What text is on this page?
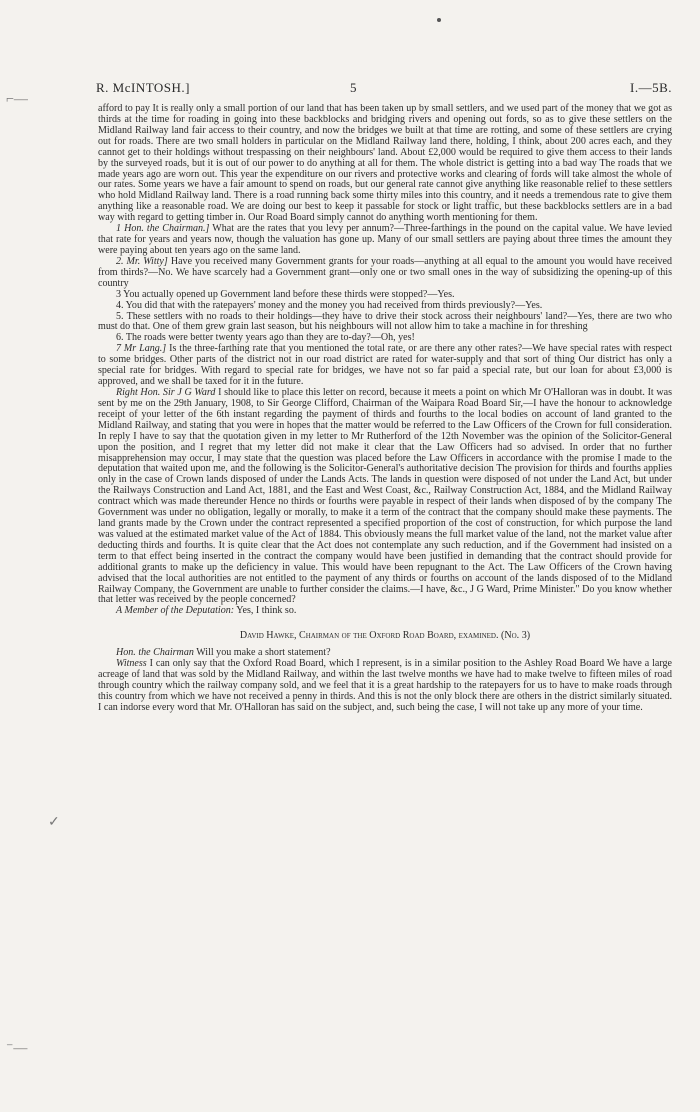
⌐—
✓
⁻—
R. McINTOSH.]	5	I.—5B.

afford to pay It is really only a small portion of our land that has been taken up by small settlers, and we used part of the money that we got as thirds at the time for roading in going into these backblocks and bridging rivers and opening out fords, so as to give these settlers on the Midland Railway land fair access to their country, and now the bridges we built at that time are rotting, and some of these settlers are crying out for roads. There are two small holders in particular on the Midland Railway land there, holding, I think, about 200 acres each, and they cannot get to their holdings without trespassing on their neighbours' land. About £2,000 would be required to give them access to their lands by the surveyed roads, but it is out of our power to do anything at all for them. The whole district is getting into a bad way The roads that we made years ago are worn out. This year the expenditure on our rivers and protective works and clearing of fords will take almost the whole of our rates. Some years we have a fair amount to spend on roads, but our general rate cannot give anything like reasonable relief to these settlers who hold Midland Railway land. There is a road running back some thirty miles into this country, and it needs a tremendous rate to give them anything like a reasonable road. We are doing our best to keep it passable for stock or light traffic, but these backblocks settlers are in a bad way with regard to getting timber in. Our Road Board simply cannot do anything worth mentioning for them.

1 Hon. the Chairman.] What are the rates that you levy per annum?—Three-farthings in the pound on the capital value. We have levied that rate for years and years now, though the valuation has gone up. Many of our small settlers are paying about three times the amount they were paying about ten years ago on the same land.

2. Mr. Witty] Have you received many Government grants for your roads—anything at all equal to the amount you would have received from thirds?—No. We have scarcely had a Government grant—only one or two small ones in the way of subsidizing the opening-up of this country

3 You actually opened up Government land before these thirds were stopped?—Yes.

4. You did that with the ratepayers' money and the money you had received from thirds previously?—Yes.

5. These settlers with no roads to their holdings—they have to drive their stock across their neighbours' land?—Yes, there are two who must do that. One of them grew grain last season, but his neighbours will not allow him to take a machine in for threshing

6. The roads were better twenty years ago than they are to-day?—Oh, yes!

7 Mr Lang.] Is the three-farthing rate that you mentioned the total rate, or are there any other rates?—We have special rates with respect to some bridges. Other parts of the district not in our road district are rated for water-supply and that sort of thing Our district has only a special rate for bridges. With regard to special rate for bridges, we have not so far paid a special rate, but our loan for about £3,000 is approved, and we shall be taxed for it in the future.

Right Hon. Sir J G Ward I should like to place this letter on record, because it meets a point on which Mr O'Halloran was in doubt. It was sent by me on the 29th January, 1908, to Sir George Clifford, Chairman of the Waipara Road Board Sir,—I have the honour to acknowledge receipt of your letter of the 6th instant regarding the payment of thirds and fourths to the local bodies on account of land granted to the Midland Railway, and stating that you were in hopes that the matter would be referred to the Law Officers of the Crown for full consideration. In reply I have to say that the quotation given in my letter to Mr Rutherford of the 12th November was the opinion of the Solicitor-General upon the position, and I regret that my letter did not make it clear that the Law Officers had so advised. In order that no further misapprehension may occur, I may state that the question was placed before the Law Officers in accordance with the promise I made to the deputation that waited upon me, and the following is the Solicitor-General's authoritative decision The provision for thirds and fourths applies only in the case of Crown lands disposed of under the Lands Acts. The lands in question were disposed of not under the Land Act, but under the Railways Construction and Land Act, 1881, and the East and West Coast, &c., Railway Construction Act, 1884, and the Midland Railway contract which was made thereunder Hence no thirds or fourths were payable in respect of their lands when disposed of by the company The Government was under no obligation, legally or morally, to make it a term of the contract that the company should make these payments. The land grants made by the Crown under the contract represented a specified proportion of the cost of construction, for which purpose the land was valued at the estimated market value of the Act of 1884. This obviously means the full market value of the land, not the market value after deducting thirds and fourths. It is quite clear that the Act does not contemplate any such reduction, and if the Government had insisted on a term to that effect being inserted in the contract the company would have been justified in demanding that the contract should provide for additional grants to make up the deficiency in value. This would have been repugnant to the Act. The Law Officers of the Crown having advised that the local authorities are not entitled to the payment of any thirds or fourths on account of the lands disposed of to the Midland Railway Company, the Government are unable to further consider the claims.—I have, &c., J G Ward, Prime Minister." Do you know whether that letter was received by the people concerned?

A Member of the Deputation: Yes, I think so.

David Hawke, Chairman of the Oxford Road Board, examined. (No. 3)

Hon. the Chairman Will you make a short statement?

Witness I can only say that the Oxford Road Board, which I represent, is in a similar position to the Ashley Road Board We have a large acreage of land that was sold by the Midland Railway, and within the last twelve months we have had to make twelve to fifteen miles of road through country which the railway company sold, and we feel that it is a great hardship to the ratepayers for us to have to make roads through this country from which we have not received a penny in thirds. And this is not the only block there are others in the district similarly situated. I can indorse every word that Mr. O'Halloran has said on the subject, and, such being the case, I will not take up any more of your time.
